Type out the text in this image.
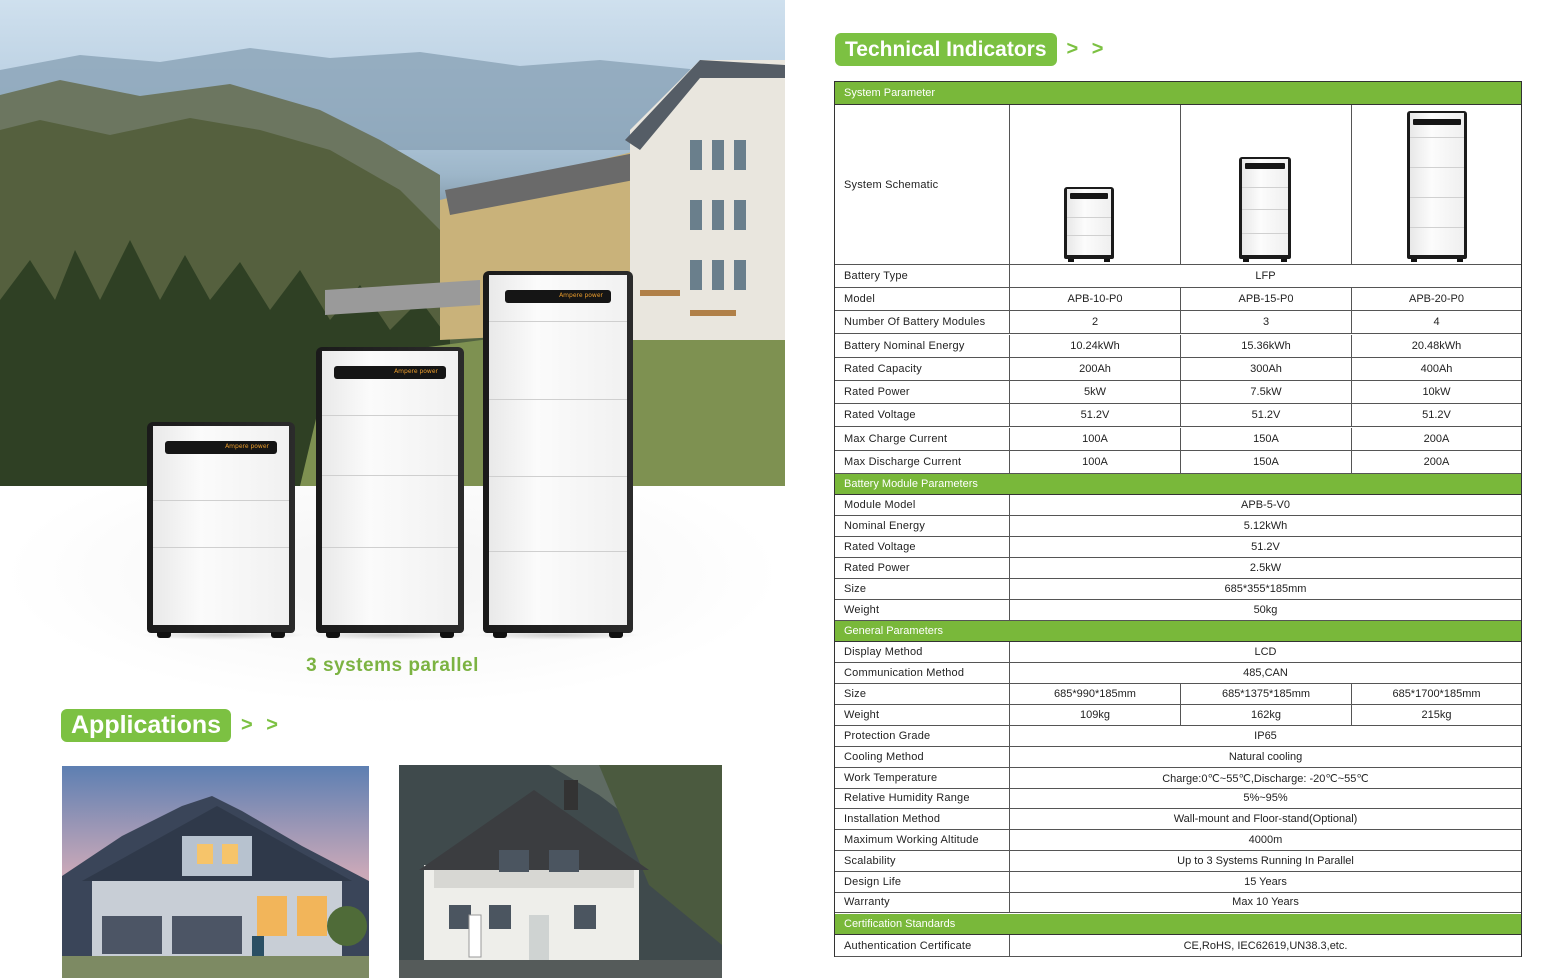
Ampere power
Ampere power
Ampere power
3 systems parallel
Technical Indicators	> >
Applications	> >
System Parameter
System Schematic
Battery Type	LFP
Battery Module Parameters
General Parameters
Certification Standards
Model	APB-10-P0	APB-15-P0	APB-20-P0
Number Of Battery Modules	2	3	4
Battery Nominal Energy	10.24kWh	15.36kWh	20.48kWh
Rated Capacity	200Ah	300Ah	400Ah
Rated Power	5kW	7.5kW	10kW
Rated Voltage	51.2V	51.2V	51.2V
Max Charge Current	100A	150A	200A
Max Discharge Current	100A	150A	200A
Module Model	APB-5-V0
Nominal Energy	5.12kWh
Rated Voltage	51.2V
Rated Power	2.5kW
Size	685*355*185mm
Weight	50kg
Display Method	LCD
Communication Method	485,CAN
Size	685*990*185mm	685*1375*185mm	685*1700*185mm
Weight	109kg	162kg	215kg
Protection Grade	IP65
Cooling Method	Natural cooling
Work Temperature	Charge:0℃~55℃,Discharge: -20℃~55℃
Relative Humidity Range	5%~95%
Installation Method	Wall-mount and Floor-stand(Optional)
Maximum Working Altitude	4000m
Scalability	Up to 3 Systems Running In Parallel
Design Life	15 Years
Warranty	Max 10 Years
Authentication Certificate	CE,RoHS, IEC62619,UN38.3,etc.
